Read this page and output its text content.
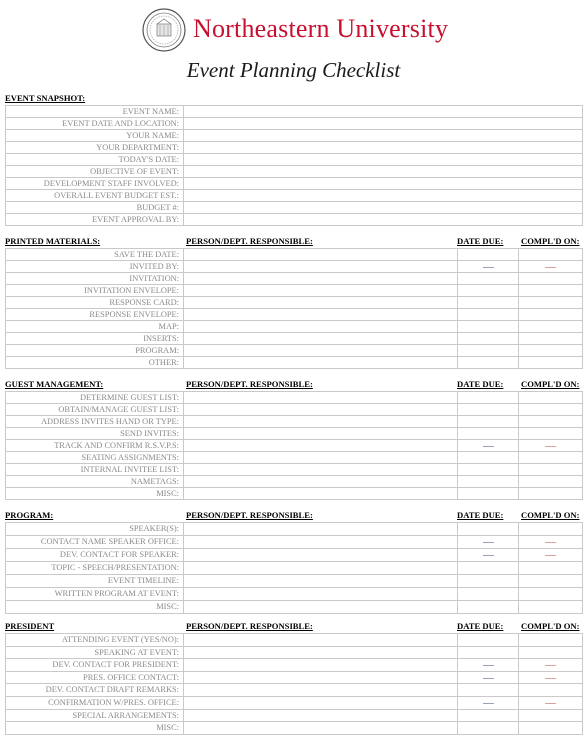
Northeastern University
Event Planning Checklist
EVENT SNAPSHOT:
EVENT NAME:
EVENT DATE AND LOCATION:
YOUR NAME:
YOUR DEPARTMENT:
TODAY'S DATE:
OBJECTIVE OF EVENT:
DEVELOPMENT STAFF INVOLVED:
OVERALL EVENT BUDGET EST.:
BUDGET #:
EVENT APPROVAL BY:
PRINTED MATERIALS:	PERSON/DEPT. RESPONSIBLE:	DATE DUE: COMPL'D ON:
SAVE THE DATE:
INVITED BY:
INVITATION:
INVITATION ENVELOPE:
RESPONSE CARD:
RESPONSE ENVELOPE:
MAP:
INSERTS:
PROGRAM:
OTHER:
GUEST MANAGEMENT:	PERSON/DEPT. RESPONSIBLE:	DATE DUE: COMPL'D ON:
DETERMINE GUEST LIST:
OBTAIN/MANAGE GUEST LIST:
ADDRESS INVITES HAND OR TYPE:
SEND INVITES:
TRACK AND CONFIRM R.S.V.P.S:
SEATING ASSIGNMENTS:
INTERNAL INVITEE LIST:
NAMETAGS:
MISC:
PROGRAM:	PERSON/DEPT. RESPONSIBLE:	DATE DUE: COMPL'D ON:
SPEAKER(S):
CONTACT NAME SPEAKER OFFICE:
DEV. CONTACT FOR SPEAKER:
TOPIC - SPEECH/PRESENTATION:
EVENT TIMELINE:
WRITTEN PROGRAM AT EVENT:
MISC:
PRESIDENT	PERSON/DEPT. RESPONSIBLE:	DATE DUE: COMPL'D ON:
ATTENDING EVENT (YES/NO):
SPEAKING AT EVENT:
DEV. CONTACT FOR PRESIDENT:
PRES. OFFICE CONTACT:
DEV. CONTACT DRAFT REMARKS:
CONFIRMATION W/PRES. OFFICE:
SPECIAL ARRANGEMENTS:
MISC:
